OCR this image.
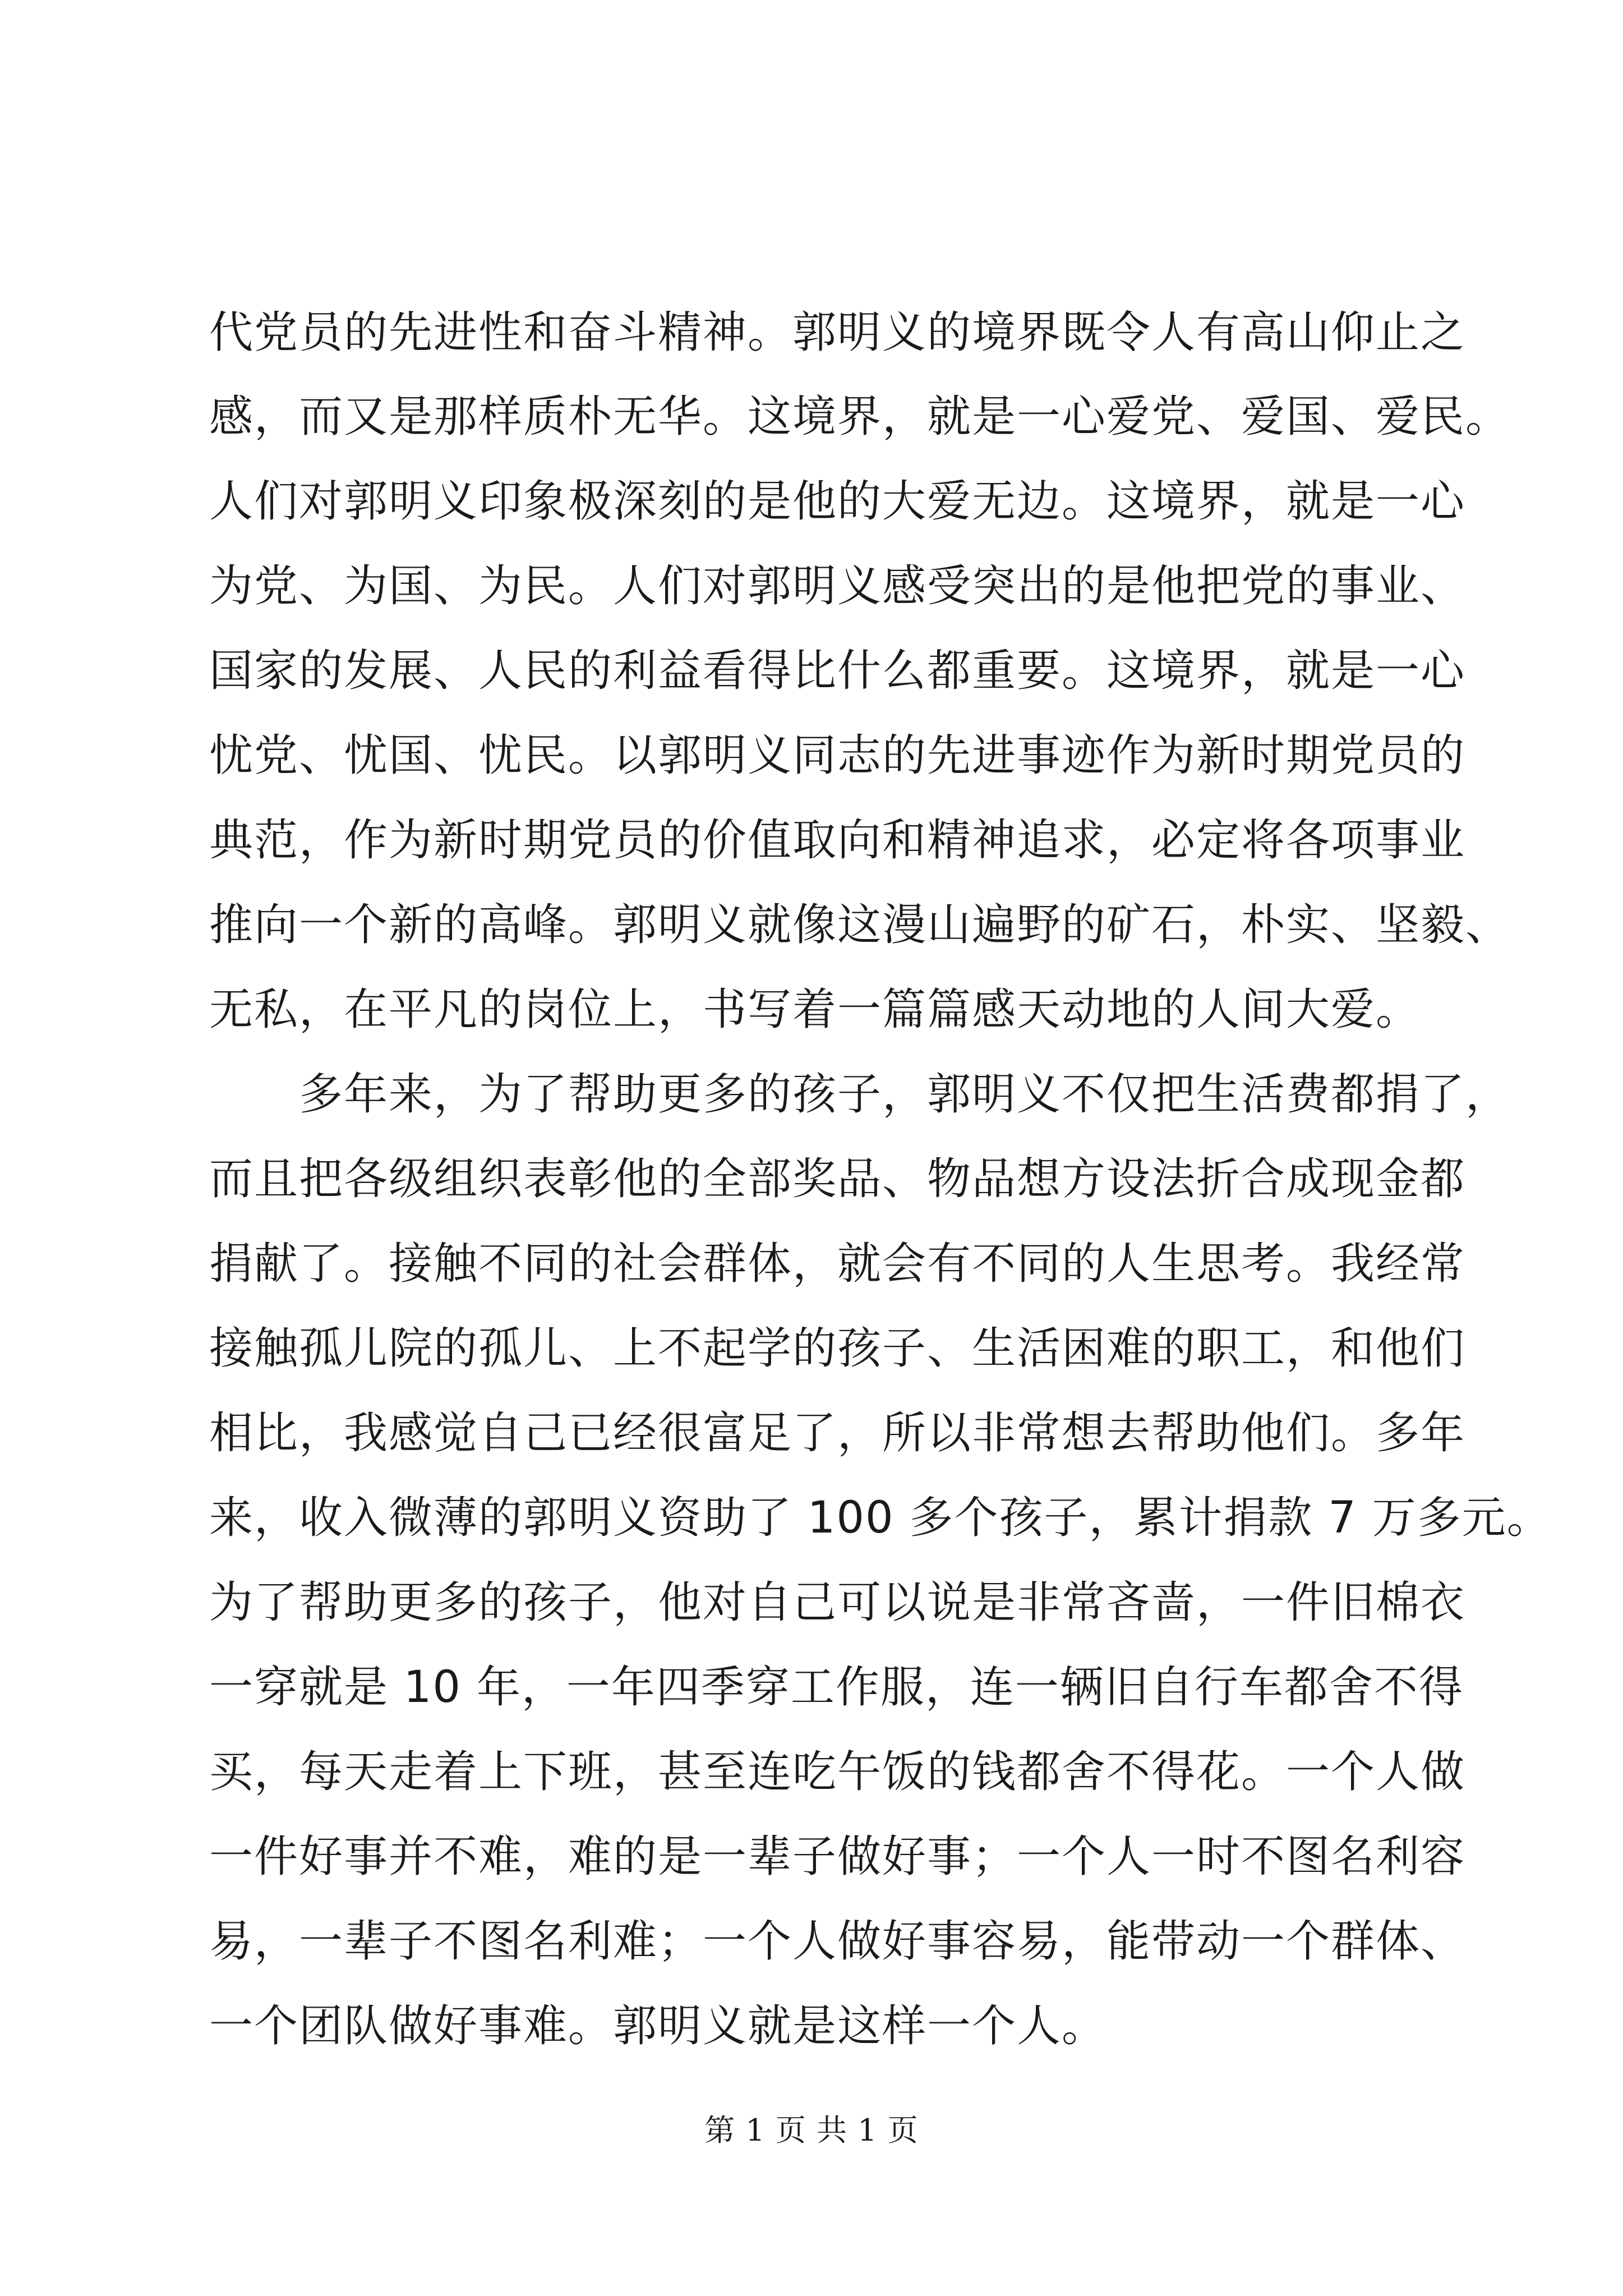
代党员的先进性和奋斗精神。郭明义的境界既令人有高山仰止之
感，而又是那样质朴无华。这境界，就是一心爱党、爱国、爱民。
人们对郭明义印象极深刻的是他的大爱无边。这境界，就是一心
为党、为国、为民。人们对郭明义感受突出的是他把党的事业、
国家的发展、人民的利益看得比什么都重要。这境界，就是一心
忧党、忧国、忧民。以郭明义同志的先进事迹作为新时期党员的
典范，作为新时期党员的价值取向和精神追求，必定将各项事业
推向一个新的高峰。郭明义就像这漫山遍野的矿石，朴实、坚毅、
无私，在平凡的岗位上，书写着一篇篇感天动地的人间大爱。
多年来，为了帮助更多的孩子，郭明义不仅把生活费都捐了，
而且把各级组织表彰他的全部奖品、物品想方设法折合成现金都
捐献了。接触不同的社会群体，就会有不同的人生思考。我经常
接触孤儿院的孤儿、上不起学的孩子、生活困难的职工，和他们
相比，我感觉自己已经很富足了，所以非常想去帮助他们。多年
来，收入微薄的郭明义资助了 100 多个孩子，累计捐款 7 万多元。
为了帮助更多的孩子，他对自己可以说是非常吝啬，一件旧棉衣
一穿就是 10 年，一年四季穿工作服，连一辆旧自行车都舍不得
买，每天走着上下班，甚至连吃午饭的钱都舍不得花。一个人做
一件好事并不难，难的是一辈子做好事；一个人一时不图名利容
易，一辈子不图名利难；一个人做好事容易，能带动一个群体、
一个团队做好事难。郭明义就是这样一个人。
第 1 页 共 1 页
